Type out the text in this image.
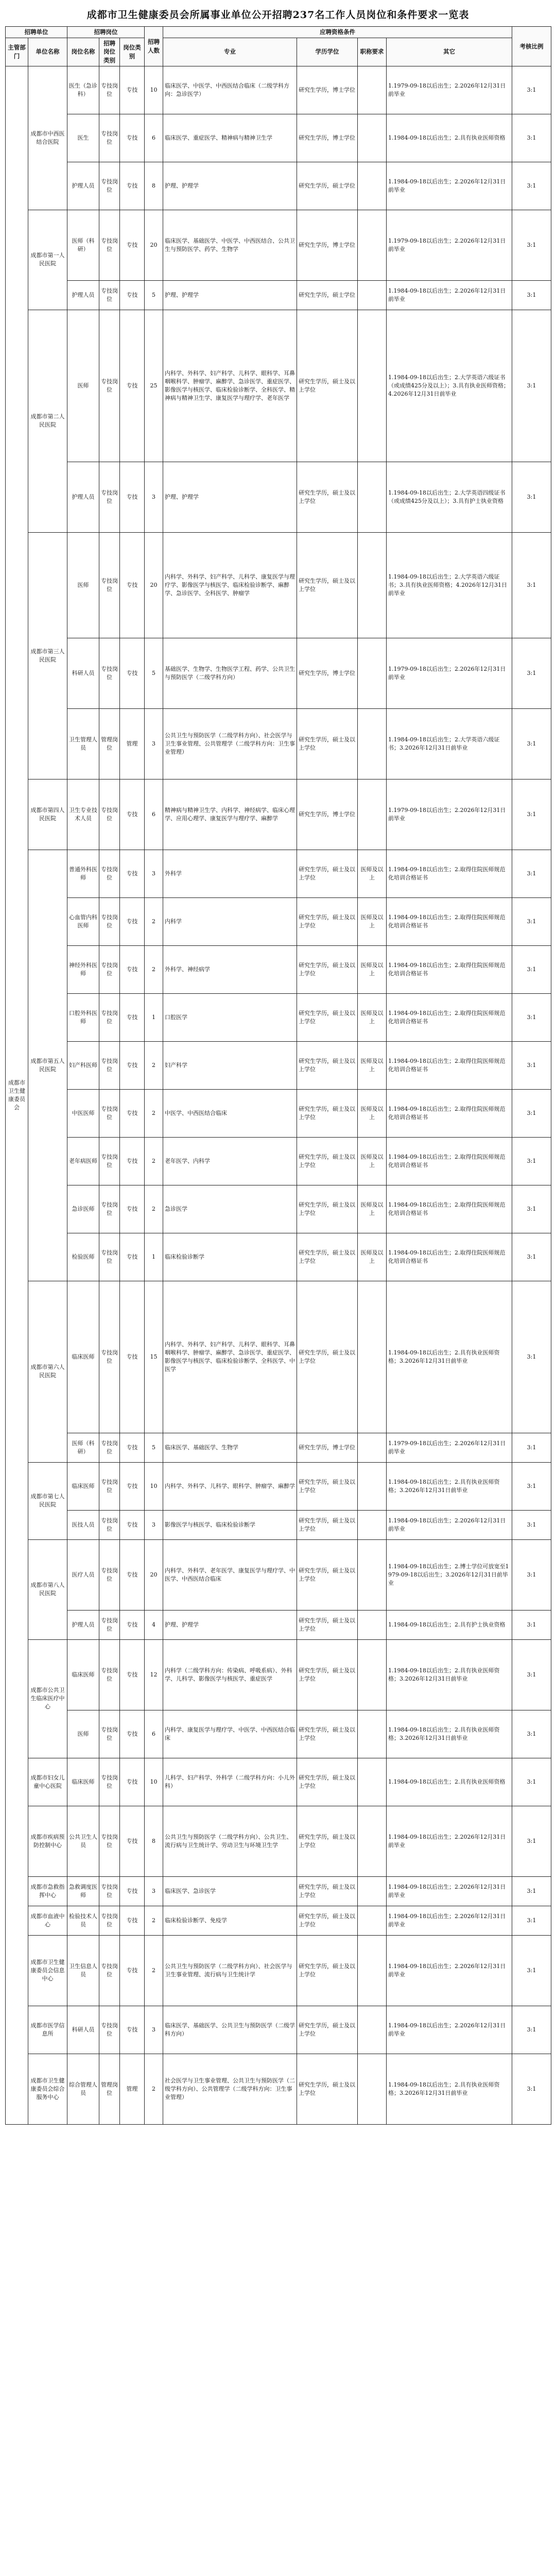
成都市卫生健康委员会所属事业单位公开招聘237名工作人员岗位和条件要求一览表
招聘单位		招聘岗位			招聘人数	应聘资格条件				考核比例
主管部门	单位名称	岗位名称	招聘岗位类别	岗位类别		专业	学历学位	职称要求	其它	
成都市卫生健康委员会	成都市中西医结合医院	医生（急诊科）	专技岗位	专技	10	临床医学、中医学、中西医结合临床（二级学科方向：急诊医学）	研究生学历，博士学位		1.1979-09-18以后出生；2.2026年12月31日前毕业	3:1
		医生	专技岗位	专技	6	临床医学、重症医学、精神病与精神卫生学	研究生学历，博士学位		1.1984-09-18以后出生；2.具有执业医师资格	3:1
		护理人员	专技岗位	专技	8	护理、护理学	研究生学历，硕士学位		1.1984-09-18以后出生；2.2026年12月31日前毕业	3:1
	成都市第一人民医院	医师（科研）	专技岗位	专技	20	临床医学、基础医学、中医学、中西医结合、公共卫生与预防医学、药学、生物学	研究生学历，博士学位		1.1979-09-18以后出生；2.2026年12月31日前毕业	3:1
		护理人员	专技岗位	专技	5	护理、护理学	研究生学历，硕士学位		1.1984-09-18以后出生；2.2026年12月31日前毕业	3:1
	成都市第二人民医院	医师	专技岗位	专技	25	内科学、外科学、妇产科学、儿科学、眼科学、耳鼻咽喉科学、肿瘤学、麻醉学、急诊医学、重症医学、影像医学与核医学、临床检验诊断学、全科医学、精神病与精神卫生学、康复医学与理疗学、老年医学	研究生学历，硕士及以上学位		1.1984-09-18以后出生；2.大学英语六级证书（或成绩425分及以上）；3.具有执业医师资格；4.2026年12月31日前毕业	3:1
		护理人员	专技岗位	专技	3	护理、护理学	研究生学历，硕士及以上学位		1.1984-09-18以后出生；2.大学英语四级证书（或成绩425分及以上）；3.具有护士执业资格	3:1
	成都市第三人民医院	医师	专技岗位	专技	20	内科学、外科学、妇产科学、儿科学、康复医学与理疗学、影像医学与核医学、临床检验诊断学、麻醉学、急诊医学、全科医学、肿瘤学	研究生学历，硕士及以上学位		1.1984-09-18以后出生；2.大学英语六级证书；3.具有执业医师资格；4.2026年12月31日前毕业	3:1
		科研人员	专技岗位	专技	5	基础医学、生物学、生物医学工程、药学、公共卫生与预防医学（二级学科方向）	研究生学历，博士学位		1.1979-09-18以后出生；2.2026年12月31日前毕业	3:1
		卫生管理人员	管理岗位	管理	3	公共卫生与预防医学（二级学科方向）、社会医学与卫生事业管理、公共管理学（二级学科方向：卫生事业管理）	研究生学历，硕士及以上学位		1.1984-09-18以后出生；2.大学英语六级证书；3.2026年12月31日前毕业	3:1
	成都市第四人民医院	卫生专业技术人员	专技岗位	专技	6	精神病与精神卫生学、内科学、神经病学、临床心理学、应用心理学、康复医学与理疗学、麻醉学	研究生学历，博士学位		1.1979-09-18以后出生；2.2026年12月31日前毕业	3:1
	成都市第五人民医院	普通外科医师	专技岗位	专技	3	外科学	研究生学历，硕士及以上学位	医师及以上	1.1984-09-18以后出生；2.取得住院医师规范化培训合格证书	3:1
		心血管内科医师	专技岗位	专技	2	内科学	研究生学历，硕士及以上学位	医师及以上	1.1984-09-18以后出生；2.取得住院医师规范化培训合格证书	3:1
		神经外科医师	专技岗位	专技	2	外科学、神经病学	研究生学历，硕士及以上学位	医师及以上	1.1984-09-18以后出生；2.取得住院医师规范化培训合格证书	3:1
		口腔外科医师	专技岗位	专技	1	口腔医学	研究生学历，硕士及以上学位	医师及以上	1.1984-09-18以后出生；2.取得住院医师规范化培训合格证书	3:1
		妇产科医师	专技岗位	专技	2	妇产科学	研究生学历，硕士及以上学位	医师及以上	1.1984-09-18以后出生；2.取得住院医师规范化培训合格证书	3:1
		中医医师	专技岗位	专技	2	中医学、中西医结合临床	研究生学历，硕士及以上学位	医师及以上	1.1984-09-18以后出生；2.取得住院医师规范化培训合格证书	3:1
		老年病医师	专技岗位	专技	2	老年医学、内科学	研究生学历，硕士及以上学位	医师及以上	1.1984-09-18以后出生；2.取得住院医师规范化培训合格证书	3:1
		急诊医师	专技岗位	专技	2	急诊医学	研究生学历，硕士及以上学位	医师及以上	1.1984-09-18以后出生；2.取得住院医师规范化培训合格证书	3:1
		检验医师	专技岗位	专技	1	临床检验诊断学	研究生学历，硕士及以上学位	医师及以上	1.1984-09-18以后出生；2.取得住院医师规范化培训合格证书	3:1
	成都市第六人民医院	临床医师	专技岗位	专技	15	内科学、外科学、妇产科学、儿科学、眼科学、耳鼻咽喉科学、肿瘤学、麻醉学、急诊医学、重症医学、影像医学与核医学、临床检验诊断学、全科医学、中医学	研究生学历，硕士及以上学位		1.1984-09-18以后出生；2.具有执业医师资格；3.2026年12月31日前毕业	3:1
		医师（科研）	专技岗位	专技	5	临床医学、基础医学、生物学	研究生学历，博士学位		1.1979-09-18以后出生；2.2026年12月31日前毕业	3:1
	成都市第七人民医院	临床医师	专技岗位	专技	10	内科学、外科学、儿科学、眼科学、肿瘤学、麻醉学	研究生学历，硕士及以上学位		1.1984-09-18以后出生；2.具有执业医师资格；3.2026年12月31日前毕业	3:1
		医技人员	专技岗位	专技	3	影像医学与核医学、临床检验诊断学	研究生学历，硕士及以上学位		1.1984-09-18以后出生；2.2026年12月31日前毕业	3:1
	成都市第八人民医院	医疗人员	专技岗位	专技	20	内科学、外科学、老年医学、康复医学与理疗学、中医学、中西医结合临床	研究生学历，硕士及以上学位		1.1984-09-18以后出生；2.博士学位可放宽至1979-09-18以后出生；3.2026年12月31日前毕业	3:1
		护理人员	专技岗位	专技	4	护理、护理学	研究生学历，硕士及以上学位		1.1984-09-18以后出生；2.具有护士执业资格	3:1
	成都市公共卫生临床医疗中心	临床医师	专技岗位	专技	12	内科学（二级学科方向：传染病、呼吸系病）、外科学、儿科学、影像医学与核医学、重症医学	研究生学历，硕士及以上学位		1.1984-09-18以后出生；2.具有执业医师资格；3.2026年12月31日前毕业	3:1
		医师	专技岗位	专技	6	内科学、康复医学与理疗学、中医学、中西医结合临床	研究生学历，硕士及以上学位		1.1984-09-18以后出生；2.具有执业医师资格；3.2026年12月31日前毕业	3:1
	成都市妇女儿童中心医院	临床医师	专技岗位	专技	10	儿科学、妇产科学、外科学（二级学科方向：小儿外科）	研究生学历，硕士及以上学位		1.1984-09-18以后出生；2.具有执业医师资格	3:1
	成都市疾病预防控制中心	公共卫生人员	专技岗位	专技	8	公共卫生与预防医学（二级学科方向）、公共卫生、流行病与卫生统计学、劳动卫生与环境卫生学	研究生学历，硕士及以上学位		1.1984-09-18以后出生；2.2026年12月31日前毕业	3:1
	成都市急救指挥中心	急救调度医师	专技岗位	专技	3	临床医学、急诊医学	研究生学历，硕士及以上学位		1.1984-09-18以后出生；2.2026年12月31日前毕业	3:1
	成都市血液中心	检验技术人员	专技岗位	专技	2	临床检验诊断学、免疫学	研究生学历，硕士及以上学位		1.1984-09-18以后出生；2.2026年12月31日前毕业	3:1
	成都市卫生健康委员会信息中心	卫生信息人员	专技岗位	专技	2	公共卫生与预防医学（二级学科方向）、社会医学与卫生事业管理、流行病与卫生统计学	研究生学历，硕士及以上学位		1.1984-09-18以后出生；2.2026年12月31日前毕业	3:1
	成都市医学信息所	科研人员	专技岗位	专技	3	临床医学、基础医学、公共卫生与预防医学（二级学科方向）	研究生学历，硕士及以上学位		1.1984-09-18以后出生；2.2026年12月31日前毕业	3:1
	成都市卫生健康委员会综合服务中心	综合管理人员	管理岗位	管理	2	社会医学与卫生事业管理、公共卫生与预防医学（二级学科方向）、公共管理学（二级学科方向：卫生事业管理）	研究生学历，硕士及以上学位		1.1984-09-18以后出生；2.具有执业医师资格；3.2026年12月31日前毕业	3:1
